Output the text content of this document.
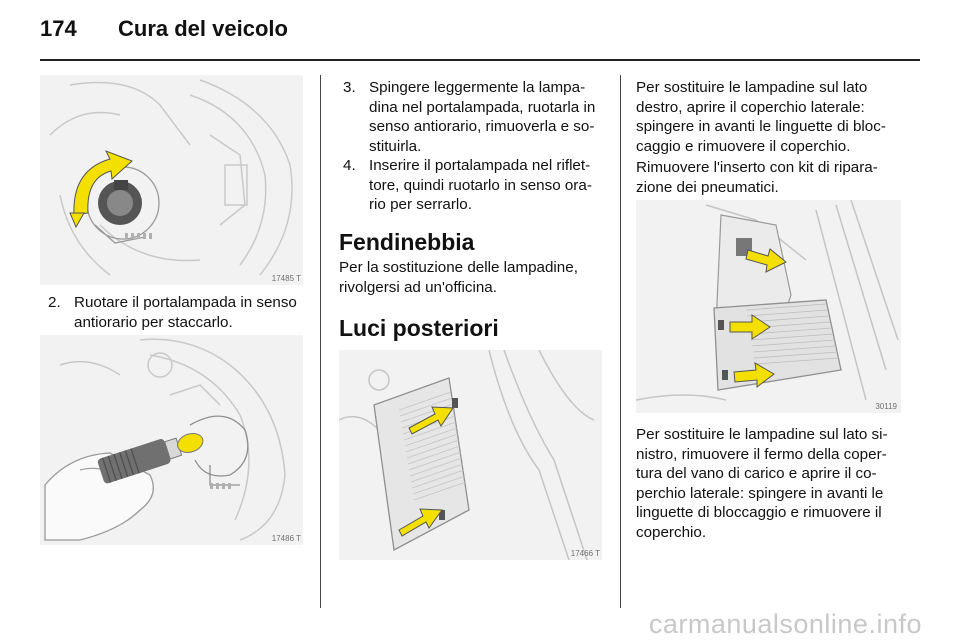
174 Cura del veicolo
17485 T
2. Ruotare il portalampada in senso
antiorario per staccarlo.
17486 T
3. Spingere leggermente la lampa-
dina nel portalampada, ruotarla in
senso antiorario, rimuoverla e so-
stituirla.
4. Inserire il portalampada nel riflet-
tore, quindi ruotarlo in senso ora-
rio per serrarlo.
Fendinebbia
Per la sostituzione delle lampadine,
rivolgersi ad un'officina.
Luci posteriori
17466 T
Per sostituire le lampadine sul lato
destro, aprire il coperchio laterale:
spingere in avanti le linguette di bloc-
caggio e rimuovere il coperchio.
Rimuovere l'inserto con kit di ripara-
zione dei pneumatici.
30119
Per sostituire le lampadine sul lato si-
nistro, rimuovere il fermo della coper-
tura del vano di carico e aprire il co-
perchio laterale: spingere in avanti le
linguette di bloccaggio e rimuovere il
coperchio.
carmanualsonline.info
